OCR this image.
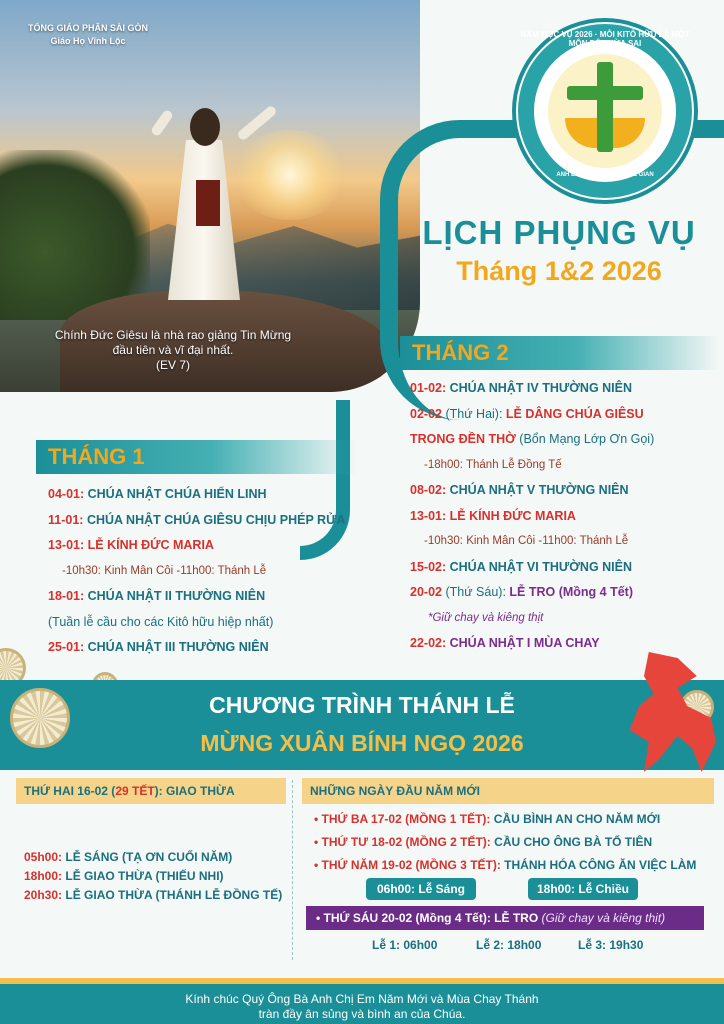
TỔNG GIÁO PHẬN SÀI GÒN
Giáo Họ Vĩnh Lộc
Chính Đức Giêsu là nhà rao giảng Tin Mừng
đầu tiên và vĩ đại nhất.
(EV 7)
NĂM MỤC VỤ 2026 · MỖI KITÔ HỮU LÀ MỘT MÔN ĐỆ THỪA SAI
ANH EM LÀ ÁNH SÁNG THẾ GIAN
LỊCH PHỤNG VỤ
Tháng 1&2 2026
THÁNG 2
01-02: CHÚA NHẬT IV THƯỜNG NIÊN
02-02 (Thứ Hai): LỄ DÂNG CHÚA GIÊSU
TRONG ĐỀN THỜ (Bổn Mạng Lớp Ơn Gọi)
-18h00: Thánh Lễ Đồng Tế
08-02: CHÚA NHẬT V THƯỜNG NIÊN
13-01: LỄ KÍNH ĐỨC MARIA
-10h30: Kinh Mân Côi -11h00: Thánh Lễ
15-02: CHÚA NHẬT VI THƯỜNG NIÊN
20-02 (Thứ Sáu): LỄ TRO (Mồng 4 Tết)
*Giữ chay và kiêng thịt
22-02: CHÚA NHẬT I MÙA CHAY
THÁNG 1
04-01: CHÚA NHẬT CHÚA HIỂN LINH
11-01: CHÚA NHẬT CHÚA GIÊSU CHỊU PHÉP RỬA
13-01: LỄ KÍNH ĐỨC MARIA
-10h30: Kinh Mân Côi -11h00: Thánh Lễ
18-01: CHÚA NHẬT II THƯỜNG NIÊN
(Tuần lễ cầu cho các Kitô hữu hiệp nhất)
25-01: CHÚA NHẬT III THƯỜNG NIÊN
CHƯƠNG TRÌNH THÁNH LỄ
MỪNG XUÂN BÍNH NGỌ 2026
THỨ HAI 16-02 (29 TẾT): GIAO THỪA
05h00: LỄ SÁNG (TẠ ƠN CUỐI NĂM)
18h00: LỄ GIAO THỪA (THIẾU NHI)
20h30: LỄ GIAO THỪA (THÁNH LỄ ĐỒNG TẾ)
NHỮNG NGÀY ĐẦU NĂM MỚI
• THỨ BA 17-02 (MỒNG 1 TẾT): CẦU BÌNH AN CHO NĂM MỚI
• THỨ TƯ 18-02 (MỒNG 2 TẾT): CẦU CHO ÔNG BÀ TỔ TIÊN
• THỨ NĂM 19-02 (MỒNG 3 TẾT): THÁNH HÓA CÔNG ĂN VIỆC LÀM
06h00: Lễ Sáng	18h00: Lễ Chiều
• THỨ SÁU 20-02 (Mồng 4 Tết): LỄ TRO (Giữ chay và kiêng thịt)
Lễ 1: 06h00	Lễ 2: 18h00	Lễ 3: 19h30
Kính chúc Quý Ông Bà Anh Chị Em Năm Mới và Mùa Chay Thánh
tràn đầy ân sủng và bình an của Chúa.
